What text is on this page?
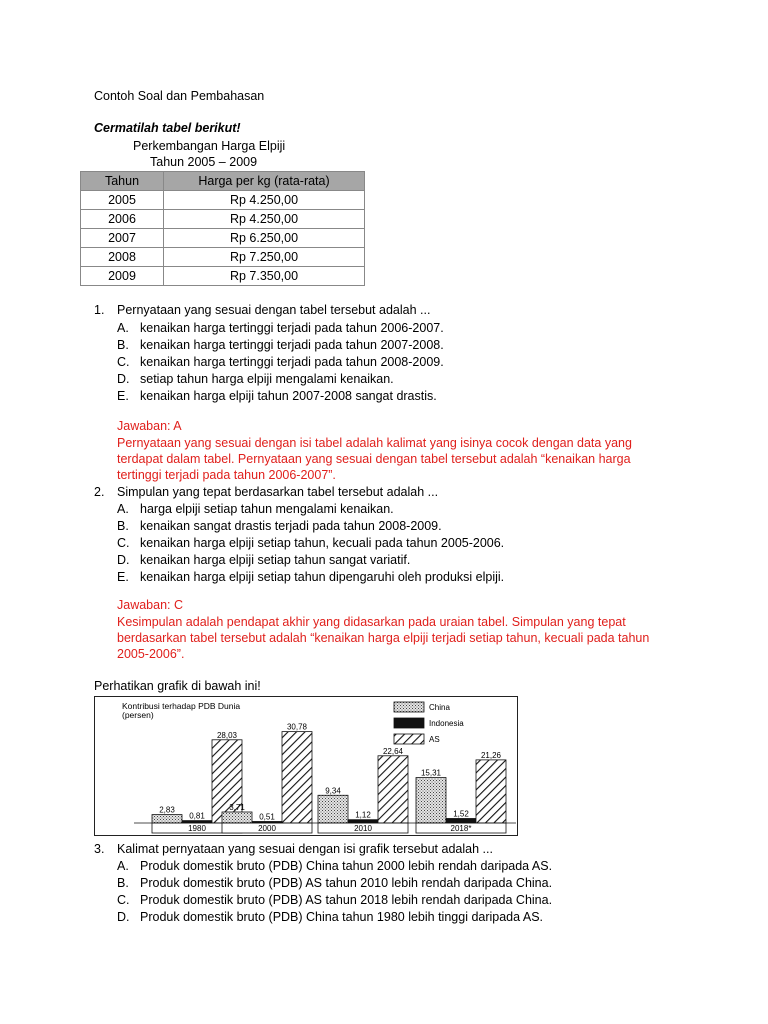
Contoh Soal dan Pembahasan
Cermatilah tabel berikut!
Perkembangan Harga Elpiji
Tahun 2005 – 2009
Tahun	Harga per kg (rata-rata)
2005	Rp 4.250,00
2006	Rp 4.250,00
2007	Rp 6.250,00
2008	Rp 7.250,00
2009	Rp 7.350,00
1. Pernyataan yang sesuai dengan tabel tersebut adalah ...
A. kenaikan harga tertinggi terjadi pada tahun 2006-2007.
B. kenaikan harga tertinggi terjadi pada tahun 2007-2008.
C. kenaikan harga tertinggi terjadi pada tahun 2008-2009.
D. setiap tahun harga elpiji mengalami kenaikan.
E. kenaikan harga elpiji tahun 2007-2008 sangat drastis.
Jawaban: A
Pernyataan yang sesuai dengan isi tabel adalah kalimat yang isinya cocok dengan data yang
terdapat dalam tabel. Pernyataan yang sesuai dengan tabel tersebut adalah “kenaikan harga
tertinggi terjadi pada tahun 2006-2007”.
2. Simpulan yang tepat berdasarkan tabel tersebut adalah ...
A. harga elpiji setiap tahun mengalami kenaikan.
B. kenaikan sangat drastis terjadi pada tahun 2008-2009.
C. kenaikan harga elpiji setiap tahun, kecuali pada tahun 2005-2006.
D. kenaikan harga elpiji setiap tahun sangat variatif.
E. kenaikan harga elpiji setiap tahun dipengaruhi oleh produksi elpiji.
Jawaban: C
Kesimpulan adalah pendapat akhir yang didasarkan pada uraian tabel. Simpulan yang tepat
berdasarkan tabel tersebut adalah “kenaikan harga elpiji terjadi setiap tahun, kecuali pada tahun
2005-2006”.
Perhatikan grafik di bawah ini!
Kontribusi terhadap PDB Dunia
(persen)
China
Indonesia
AS
2,83
0,81
28,03
3,71
0,51
30,78
9,34
1,12
22,64
15,31
1,52
21,26
1980	2000	2010	2018*
3. Kalimat pernyataan yang sesuai dengan isi grafik tersebut adalah ...
A. Produk domestik bruto (PDB) China tahun 2000 lebih rendah daripada AS.
B. Produk domestik bruto (PDB) AS tahun 2010 lebih rendah daripada China.
C. Produk domestik bruto (PDB) AS tahun 2018 lebih rendah daripada China.
D. Produk domestik bruto (PDB) China tahun 1980 lebih tinggi daripada AS.
